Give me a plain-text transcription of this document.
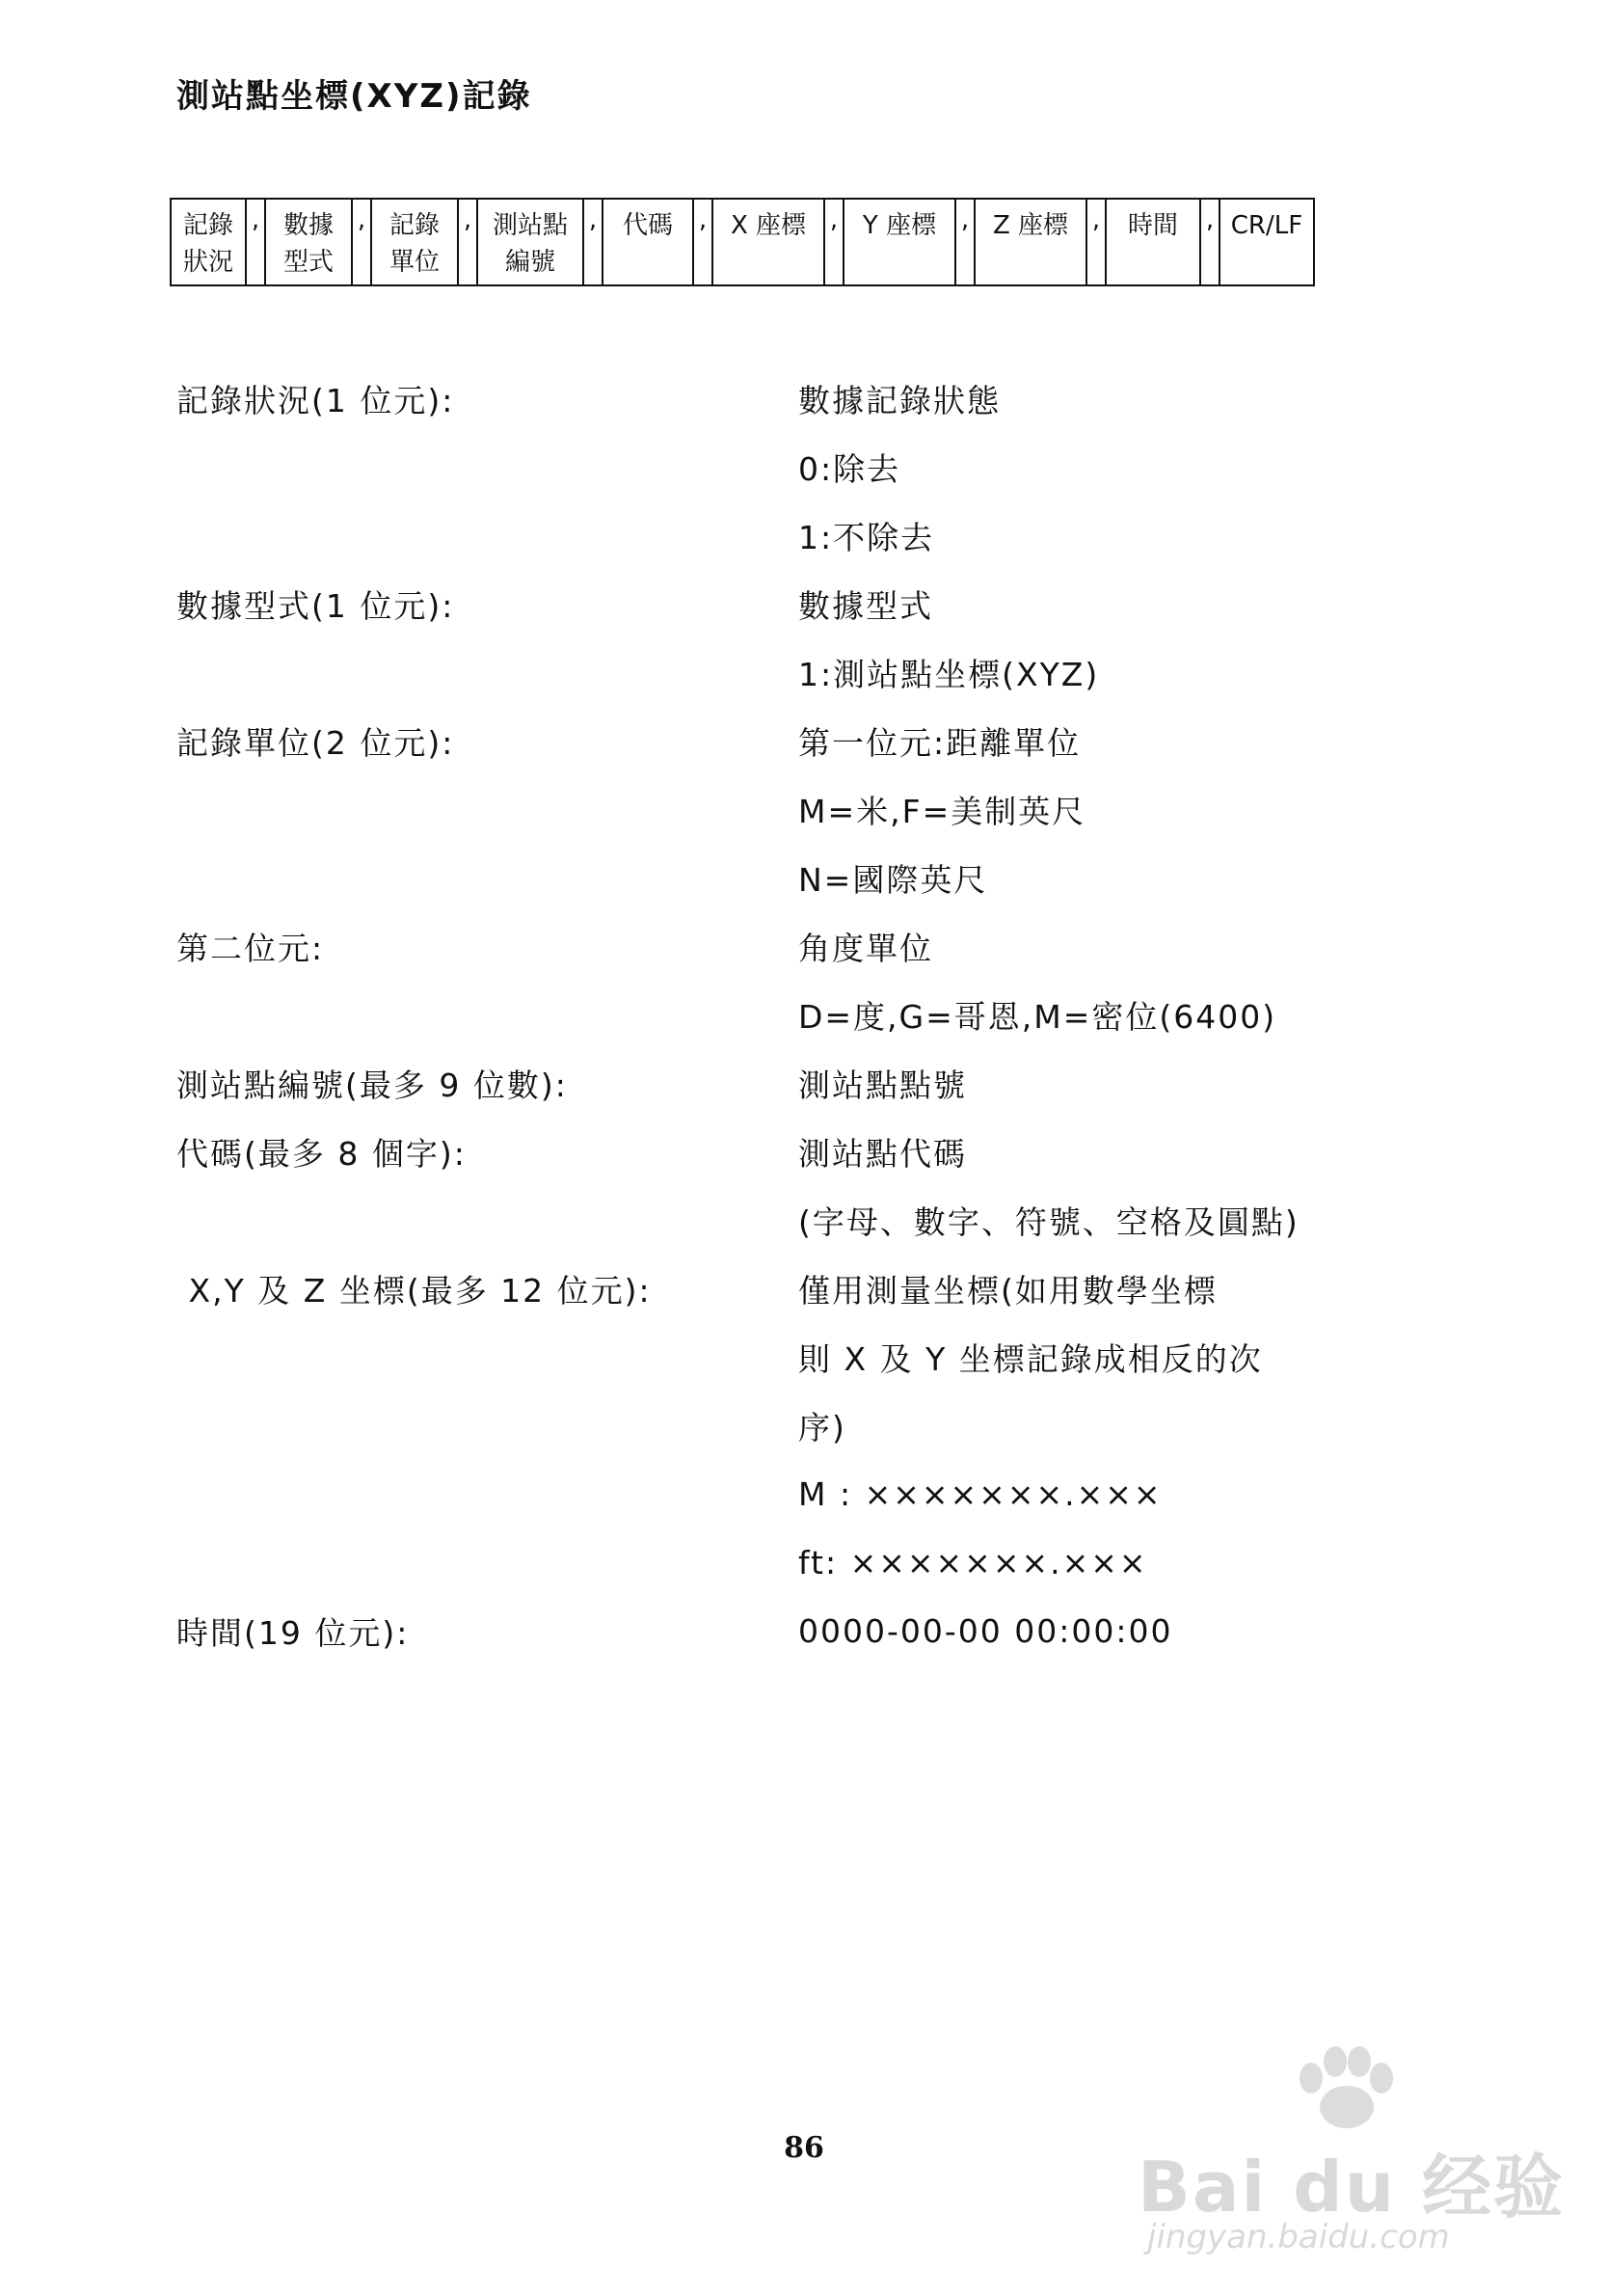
測站點坐標(XYZ)記錄
記錄
狀況
, 數據
型式
, 記錄
單位
, 測站點
編號
, 代碼 , X 座標 , Y 座標 , Z 座標 , 時間 , CR/LF
記錄狀況(1 位元):	數據記錄狀態
0:除去
1:不除去
數據型式(1 位元):	數據型式
1:測站點坐標(XYZ)
記錄單位(2 位元):	第一位元:距離單位
M=米,F=美制英尺
N=國際英尺
第二位元:	角度單位
D=度,G=哥恩,M=密位(6400)
測站點編號(最多 9 位數):	測站點點號
代碼(最多 8 個字):	測站點代碼
(字母、數字、符號、空格及圓點)
X,Y 及 Z 坐標(最多 12 位元):	僅用測量坐標(如用數學坐標
則 X 及 Y 坐標記錄成相反的次
序)
M : ×××××××.×××
ft: ×××××××.×××
時間(19 位元):	0000-00-00 00:00:00
86	Bai du 经验
jingyan.baidu.com
